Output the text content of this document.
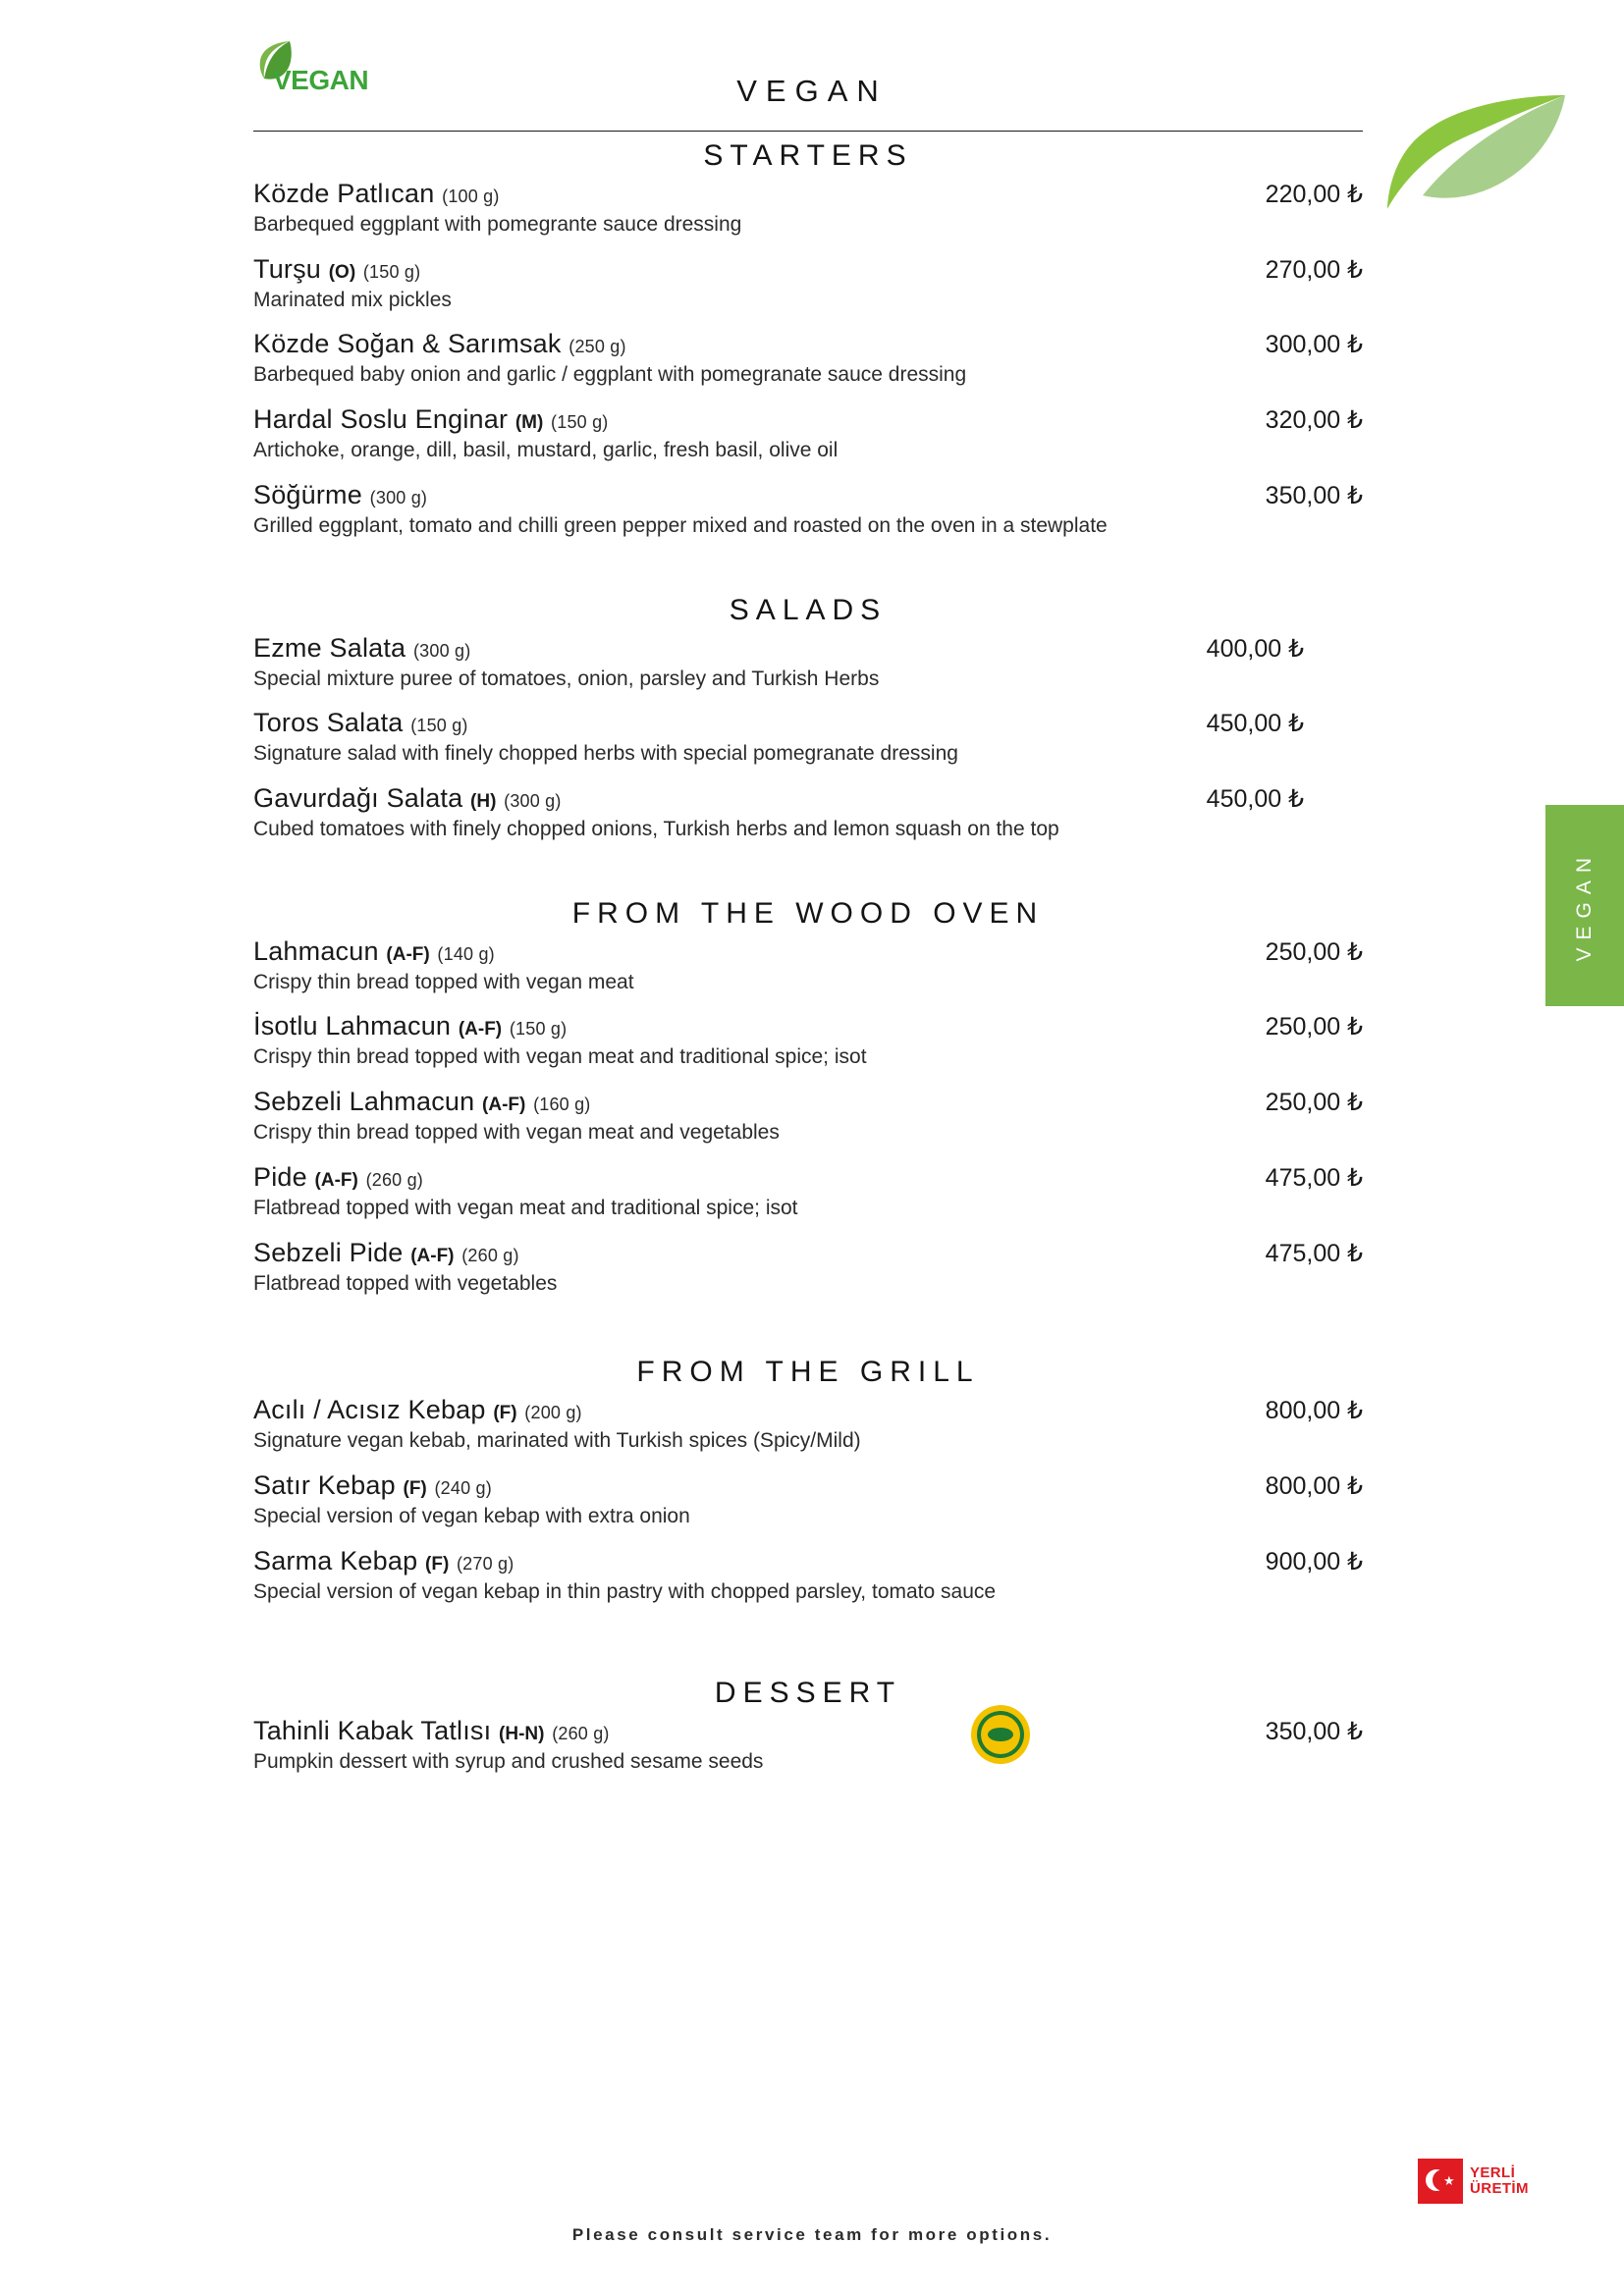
VEGAN	VEGAN
VEGAN
STARTERS
Közde Patlıcan (100 g)	220,00 ₺
Barbequed eggplant with pomegrante sauce dressing
Turşu (O) (150 g)	270,00 ₺
Marinated mix pickles
Közde Soğan & Sarımsak (250 g)	300,00 ₺
Barbequed baby onion and garlic / eggplant with pomegranate sauce dressing
Hardal Soslu Enginar (M) (150 g)	320,00 ₺
Artichoke, orange, dill, basil, mustard, garlic, fresh basil, olive oil
Söğürme (300 g)	350,00 ₺
Grilled eggplant, tomato and chilli green pepper mixed and roasted on the oven in a stewplate
SALADS
Ezme Salata (300 g)	400,00 ₺
Special mixture puree of tomatoes, onion, parsley and Turkish Herbs
Toros Salata (150 g)	450,00 ₺
Signature salad with finely chopped herbs with special pomegranate dressing
Gavurdağı Salata (H) (300 g)	450,00 ₺
Cubed tomatoes with finely chopped onions, Turkish herbs and lemon squash on the top
FROM THE WOOD OVEN
Lahmacun (A-F) (140 g)	250,00 ₺
Crispy thin bread topped with vegan meat
İsotlu Lahmacun (A-F) (150 g)	250,00 ₺
Crispy thin bread topped with vegan meat and traditional spice; isot
Sebzeli Lahmacun (A-F) (160 g)	250,00 ₺
Crispy thin bread topped with vegan meat and vegetables
Pide (A-F) (260 g)	475,00 ₺
Flatbread topped with vegan meat and traditional spice; isot
Sebzeli Pide (A-F) (260 g)	475,00 ₺
Flatbread topped with vegetables
FROM THE GRILL
Acılı / Acısız Kebap (F) (200 g)	800,00 ₺
Signature vegan kebab, marinated with Turkish spices (Spicy/Mild)
Satır Kebap (F) (240 g)	800,00 ₺
Special version of vegan kebap with extra onion
Sarma Kebap (F) (270 g)	900,00 ₺
Special version of vegan kebap in thin pastry with chopped parsley, tomato sauce
DESSERT
Tahinli Kabak Tatlısı (H-N) (260 g)	350,00 ₺
Pumpkin dessert with syrup and crushed sesame seeds
★ YERLİ
ÜRETİM
Please consult service team for more options.
